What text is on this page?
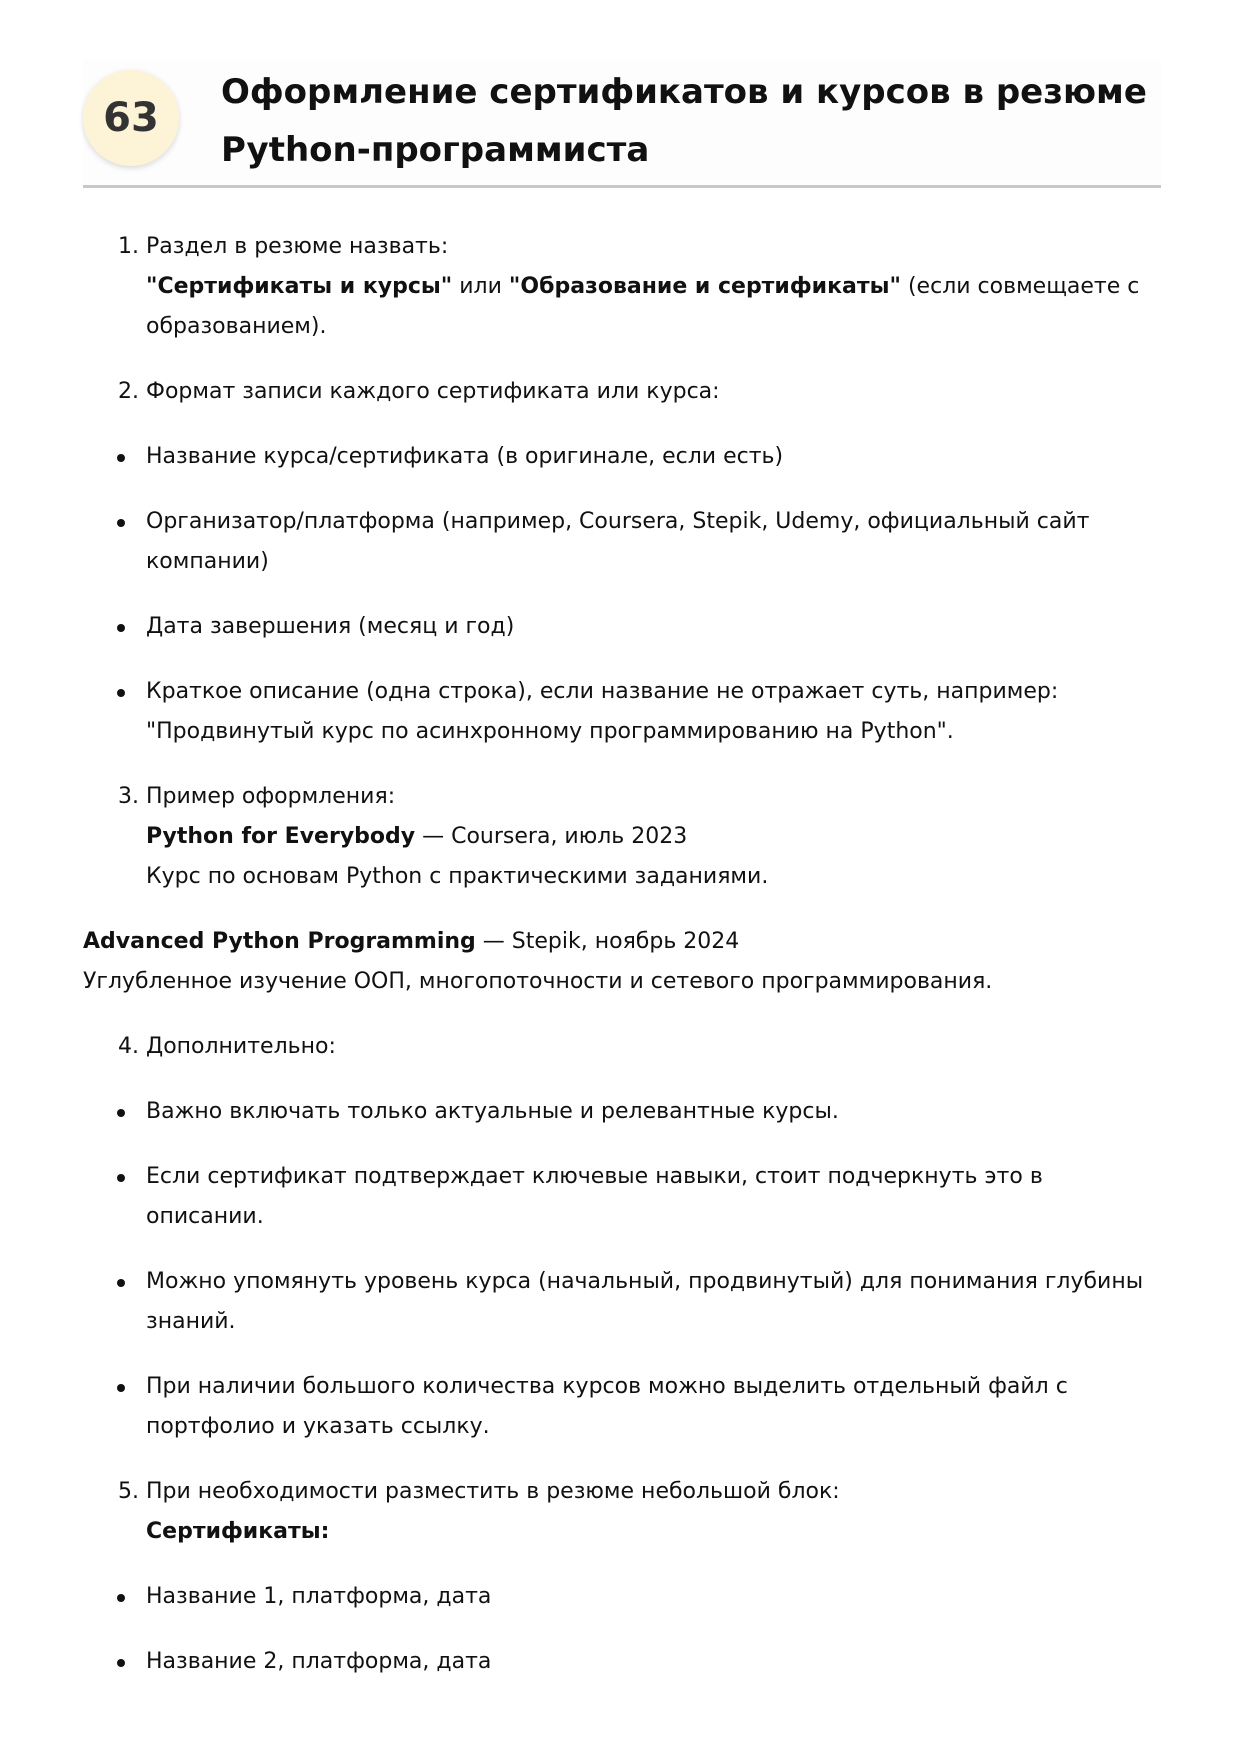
63
Оформление сертификатов и курсов в резюме Python-программиста
1. Раздел в резюме назвать:
"Сертификаты и курсы" или "Образование и сертификаты" (если совмещаете с образованием).
2. Формат записи каждого сертификата или курса:
Название курса/сертификата (в оригинале, если есть)
Организатор/платформа (например, Coursera, Stepik, Udemy, официальный сайт компании)
Дата завершения (месяц и год)
Краткое описание (одна строка), если название не отражает суть, например: "Продвинутый курс по асинхронному программированию на Python".
3. Пример оформления:
Python for Everybody — Coursera, июль 2023
Курс по основам Python с практическими заданиями.
Advanced Python Programming — Stepik, ноябрь 2024
Углубленное изучение ООП, многопоточности и сетевого программирования.
4. Дополнительно:
Важно включать только актуальные и релевантные курсы.
Если сертификат подтверждает ключевые навыки, стоит подчеркнуть это в описании.
Можно упомянуть уровень курса (начальный, продвинутый) для понимания глубины знаний.
При наличии большого количества курсов можно выделить отдельный файл с портфолио и указать ссылку.
5. При необходимости разместить в резюме небольшой блок:
Сертификаты:
Название 1, платформа, дата
Название 2, платформа, дата
